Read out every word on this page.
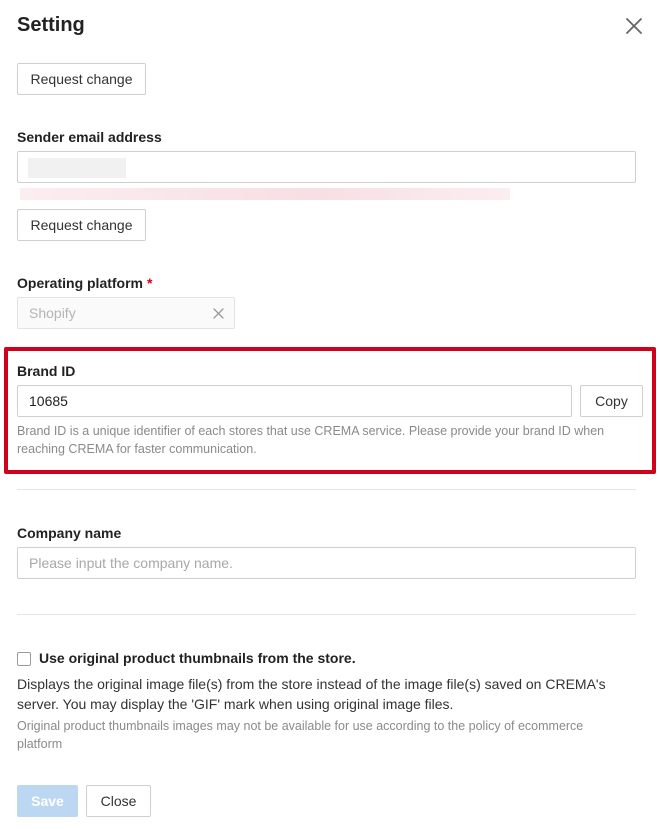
Setting
Request change
Sender email address
Request change
Operating platform *
Shopify
Brand ID
10685
Copy
Brand ID is a unique identifier of each stores that use CREMA service. Please provide your brand ID when reaching CREMA for faster communication.
Company name
Please input the company name.
Use original product thumbnails from the store.
Displays the original image file(s) from the store instead of the image file(s) saved on CREMA's server. You may display the 'GIF' mark when using original image files.
Original product thumbnails images may not be available for use according to the policy of ecommerce platform
Save	Close
